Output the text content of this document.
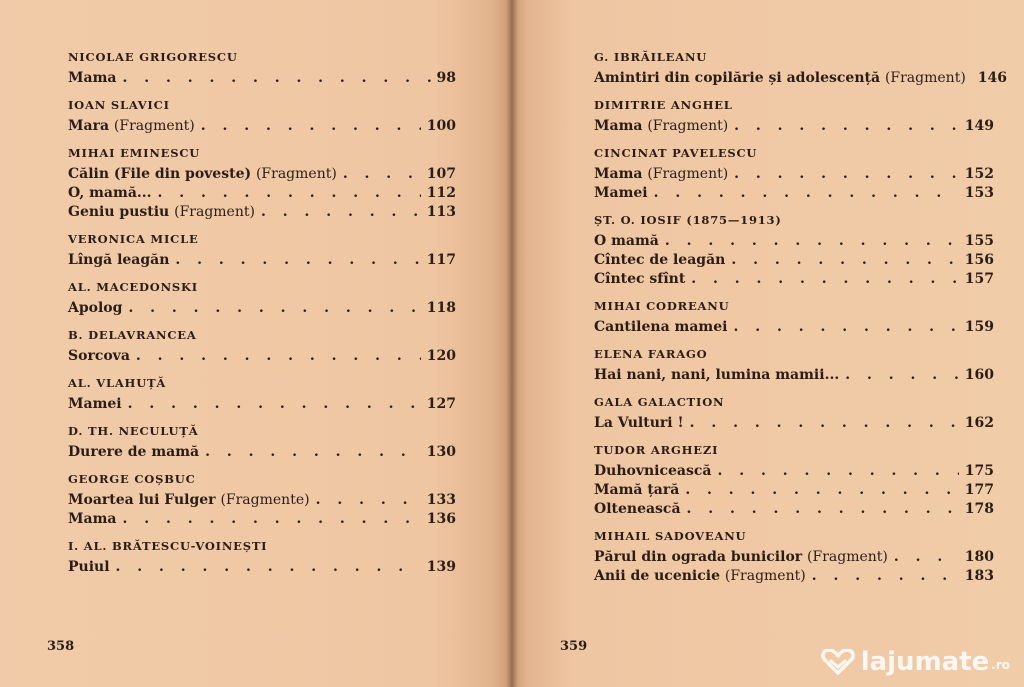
NICOLAE GRIGORESCU
Mama . . .	98
IOAN SLAVICI
Mara (Fragment) . . .	100
MIHAI EMINESCU
Călin (File din poveste) (Fragment) . . .	107
O, mamă... . . .	112
Geniu pustiu (Fragment) . . .	113
VERONICA MICLE
Lîngă leagăn . . .	117
AL. MACEDONSKI
Apolog . . .	118
B. DELAVRANCEA
Sorcova . . .	120
AL. VLAHUȚĂ
Mamei . . .	127
D. TH. NECULUȚĂ
Durere de mamă . . .	130
GEORGE COȘBUC
Moartea lui Fulger (Fragmente) . . .	133
Mama . . .	136
I. AL. BRĂTESCU-VOINEȘTI
Puiul . . .	139
358
G. IBRĂILEANU
Amintiri din copilărie și adolescență (Fragment) 146
DIMITRIE ANGHEL
Mama (Fragment) . . .	149
CINCINAT PAVELESCU
Mama (Fragment) . . .	152
Mamei . . .	153
ȘT. O. IOSIF (1875—1913)
O mamă . . .	155
Cîntec de leagăn . . .	156
Cîntec sfînt . . .	157
MIHAI CODREANU
Cantilena mamei . . .	159
ELENA FARAGO
Hai nani, nani, lumina mamii... . . .	160
GALA GALACTION
La Vulturi ! . . .	162
TUDOR ARGHEZI
Duhovnicească . . .	175
Mamă țară . . .	177
Oltenească . . .	178
MIHAIL SADOVEANU
Părul din ograda bunicilor (Fragment) . . .	180
Anii de ucenicie (Fragment) . . .	183
359
lajumate .ro
